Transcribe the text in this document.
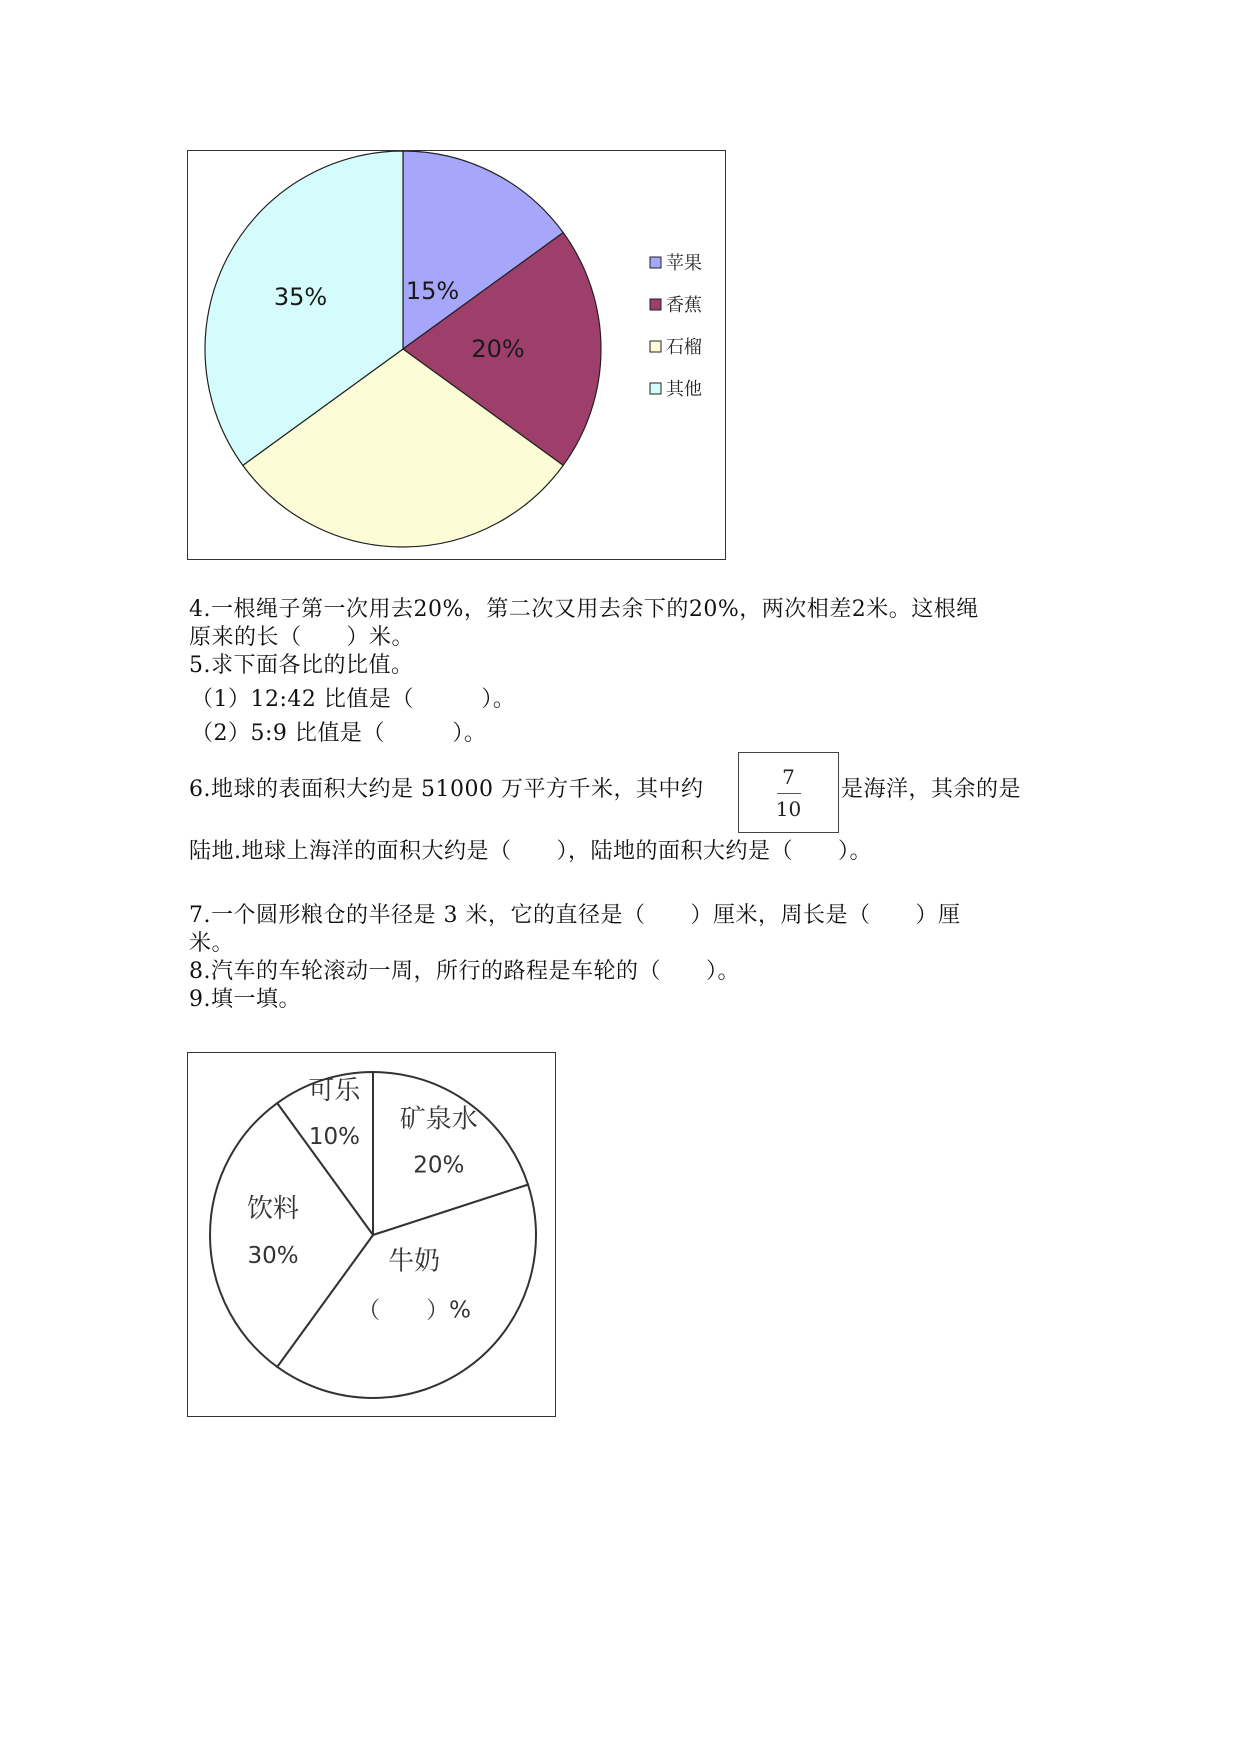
15%
20%
35%
苹果
香蕉
石榴
其他
4.一根绳子第一次用去20%，第二次又用去余下的20%，两次相差2米。这根绳
原来的长（　　）米。
5.求下面各比的比值。
（1）12:42 比值是（　　　）。
（2）5:9 比值是（　　　）。
6.地球的表面积大约是 51000 万平方千米，其中约	7
10
是海洋，其余的是
陆地.地球上海洋的面积大约是（　　），陆地的面积大约是（　　）。
7.一个圆形粮仓的半径是 3 米，它的直径是（　　）厘米，周长是（　　）厘
米。
8.汽车的车轮滚动一周，所行的路程是车轮的（　　）。
9.填一填。
可乐
10%
矿泉水
20%
牛奶
（　　）%
饮料
30%
